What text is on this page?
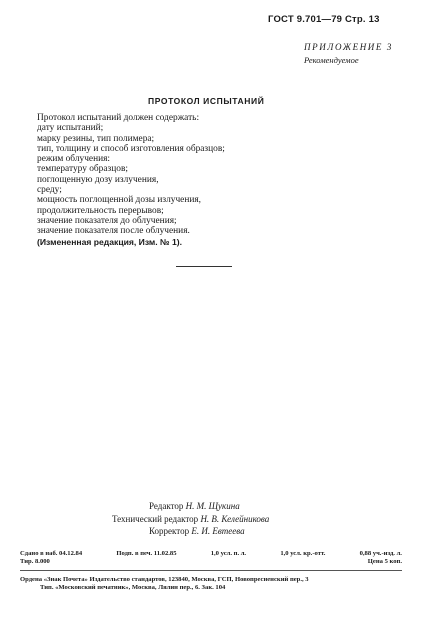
ГОСТ 9.701—79 Стр. 13
ПРИЛОЖЕНИЕ 3
Рекомендуемое
ПРОТОКОЛ ИСПЫТАНИЙ
Протокол испытаний должен содержать:
дату испытаний;
марку резины, тип полимера;
тип, толщину и способ изготовления образцов;
режим облучения:
температуру образцов;
поглощенную дозу излучения,
среду;
мощность поглощенной дозы излучения,
продолжительность перерывов;
значение показателя до облучения;
значение показателя после облучения.
(Измененная редакция, Изм. № 1).
Редактор Н. М. Щукина
Технический редактор Н. В. Келейникова
Корректор Е. И. Евтеева
Сдано в наб. 04.12.84	Подп. в печ. 11.02.85	1,0 усл. п. л.	1,0 усл. кр.-отт.	0,88 уч.-изд. л.
Тир. 8.000	Цена 5 коп.
Ордена «Знак Почета» Издательство стандартов, 123840, Москва, ГСП, Новопресненский пер., 3
Тип. «Московский печатник», Москва, Лялин пер., 6. Зак. 104
